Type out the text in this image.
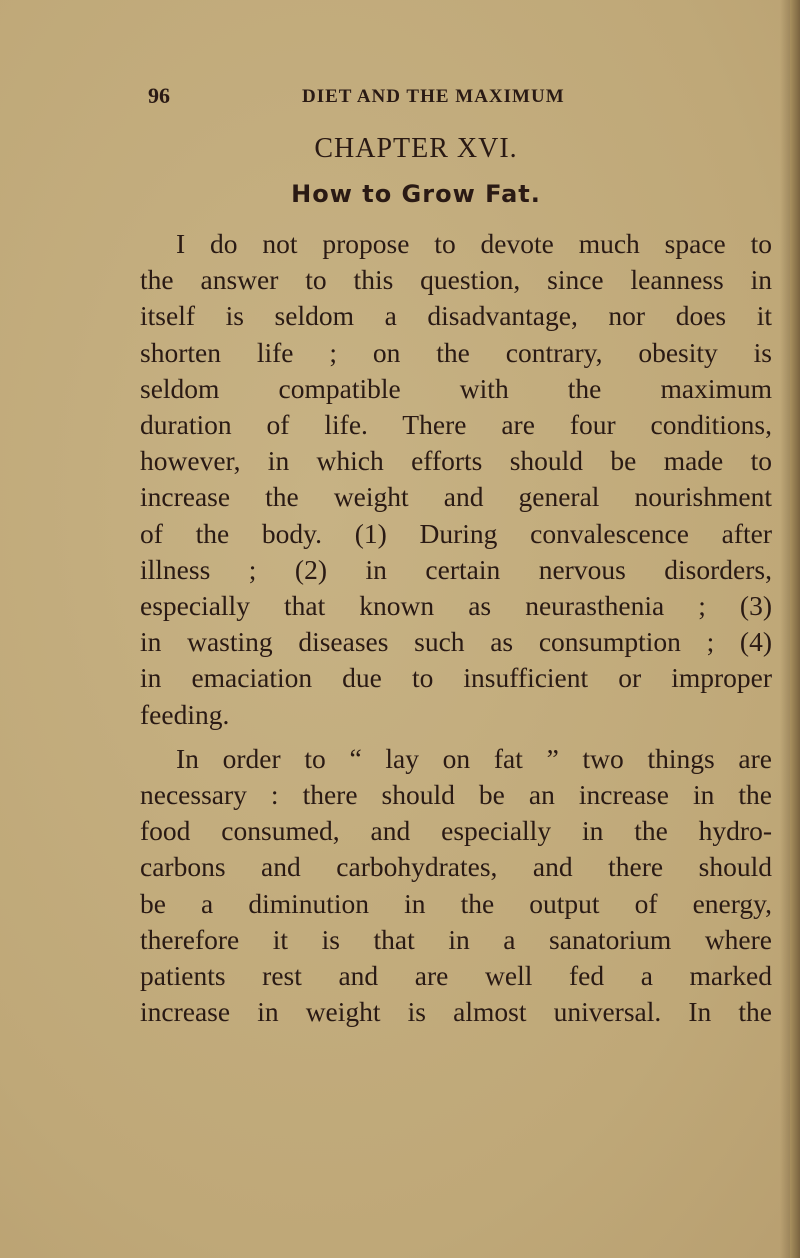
96	DIET AND THE MAXIMUM
CHAPTER XVI.
How to Grow Fat.

I do not propose to devote much space to
the answer to this question, since leanness in
itself is seldom a disadvantage, nor does it
shorten life ; on the contrary, obesity is
seldom compatible with the maximum
duration of life. There are four conditions,
however, in which efforts should be made to
increase the weight and general nourishment
of the body. (1) During convalescence after
illness ; (2) in certain nervous disorders,
especially that known as neurasthenia ; (3)
in wasting diseases such as consumption ; (4)
in emaciation due to insufficient or improper
feeding.

In order to “ lay on fat ” two things are
necessary : there should be an increase in the
food consumed, and especially in the hydro-
carbons and carbohydrates, and there should
be a diminution in the output of energy,
therefore it is that in a sanatorium where
patients rest and are well fed a marked
increase in weight is almost universal. In the
